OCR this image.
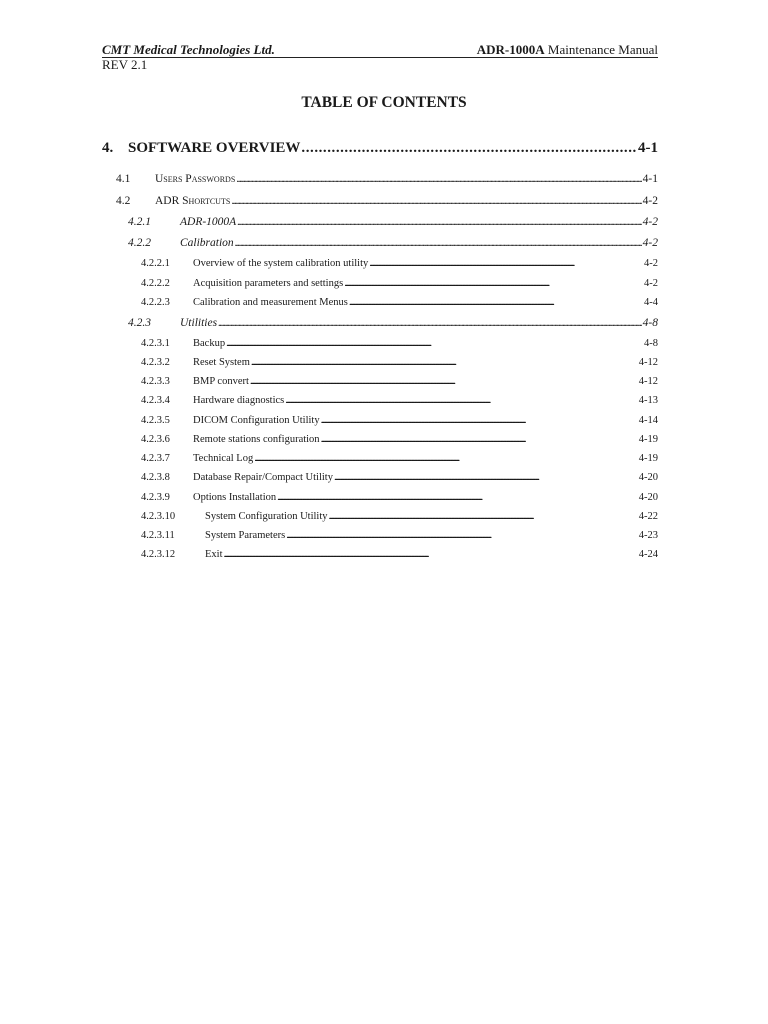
CMT Medical Technologies Ltd.	ADR-1000A Maintenance Manual
REV 2.1
TABLE OF CONTENTS
4. SOFTWARE OVERVIEW . . .	4-1
4.1	Users Passwords . . .	4-1
4.2	ADR Shortcuts . . .	4-2
4.2.1	ADR-1000A . . .	4-2
4.2.2	Calibration . . .	4-2
4.2.2.1	Overview of the system calibration utility . . .	4-2
4.2.2.2	Acquisition parameters and settings . . .	4-2
4.2.2.3	Calibration and measurement Menus . . .	4-4
4.2.3	Utilities . . .	4-8
4.2.3.1	Backup . . .	4-8
4.2.3.2	Reset System . . .	4-12
4.2.3.3	BMP convert . . .	4-12
4.2.3.4	Hardware diagnostics . . .	4-13
4.2.3.5	DICOM Configuration Utility . . .	4-14
4.2.3.6	Remote stations configuration . . .	4-19
4.2.3.7	Technical Log . . .	4-19
4.2.3.8	Database Repair/Compact Utility . . .	4-20
4.2.3.9	Options Installation . . .	4-20
4.2.3.10	System Configuration Utility . . .	4-22
4.2.3.11	System Parameters . . .	4-23
4.2.3.12	Exit . . .	4-24
